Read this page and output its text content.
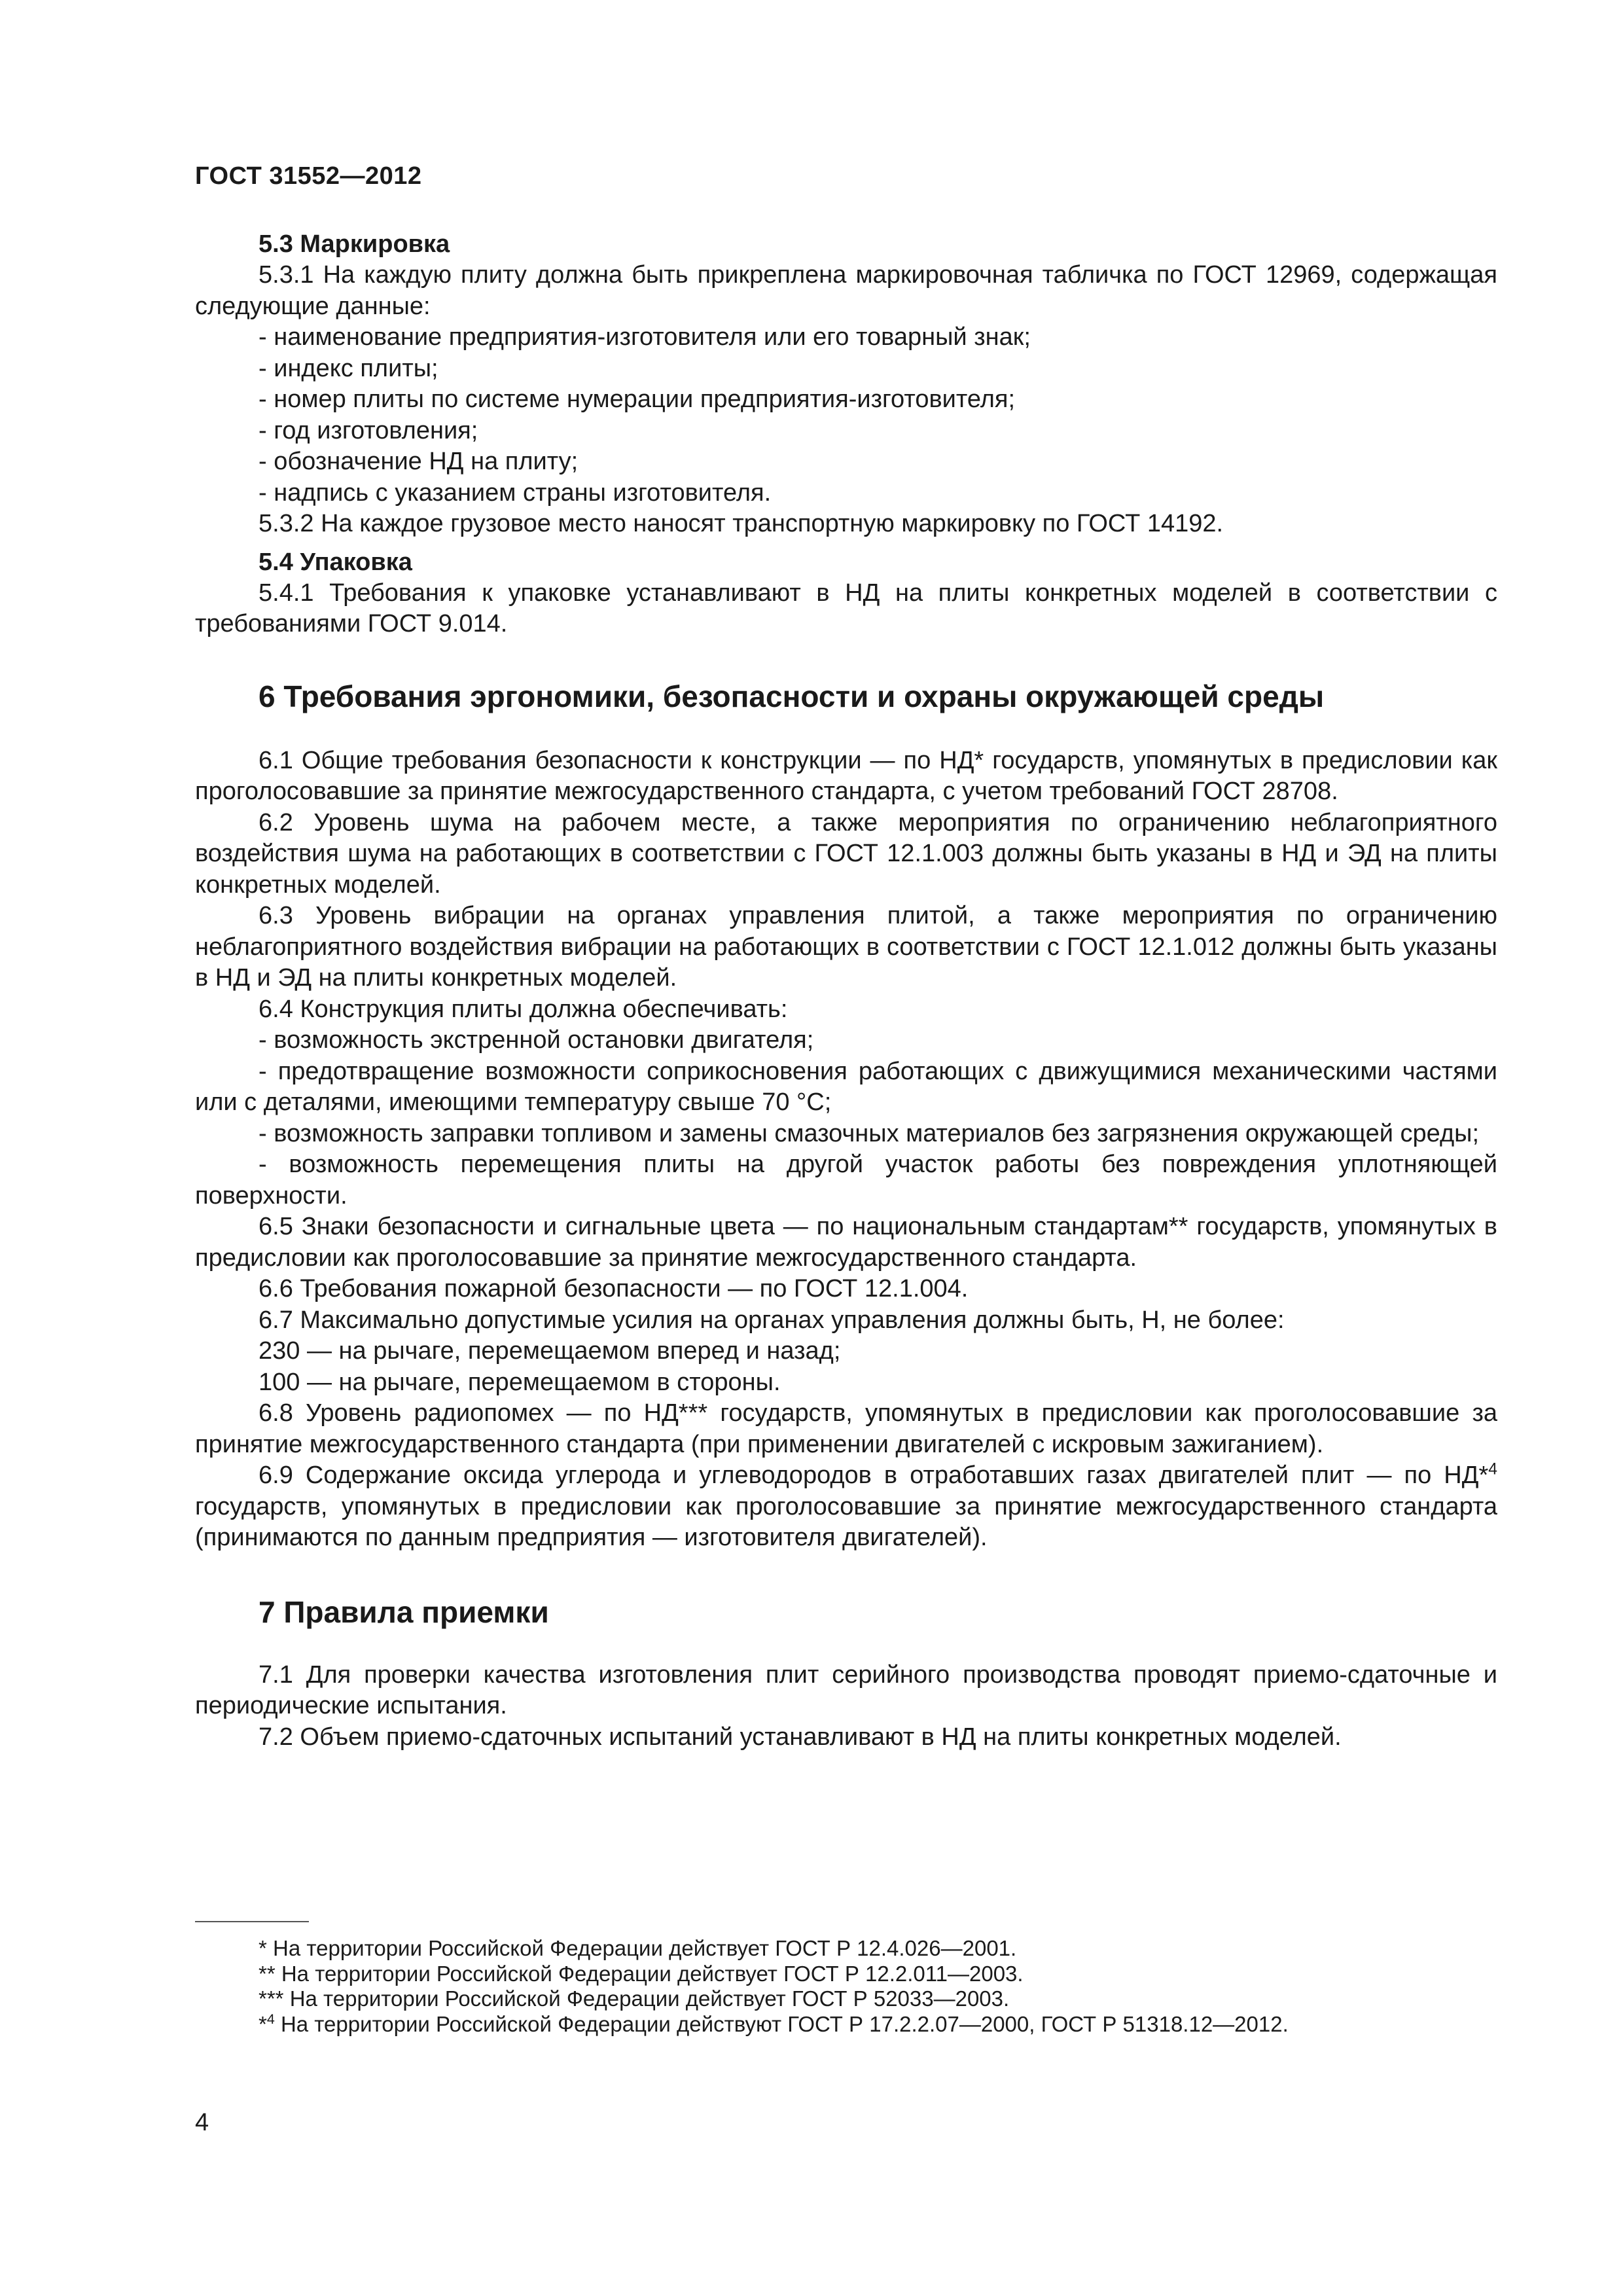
ГОСТ 31552—2012

5.3 Маркировка

5.3.1 На каждую плиту должна быть прикреплена маркировочная табличка по ГОСТ 12969, содержащая следующие данные:

- наименование предприятия-изготовителя или его товарный знак;

- индекс плиты;

- номер плиты по системе нумерации предприятия-изготовителя;

- год изготовления;

- обозначение НД на плиту;

- надпись с указанием страны изготовителя.

5.3.2 На каждое грузовое место наносят транспортную маркировку по ГОСТ 14192.

5.4 Упаковка

5.4.1 Требования к упаковке устанавливают в НД на плиты конкретных моделей в соответствии с требованиями ГОСТ 9.014.

6 Требования эргономики, безопасности и охраны окружающей среды

6.1 Общие требования безопасности к конструкции — по НД* государств, упомянутых в предисловии как проголосовавшие за принятие межгосударственного стандарта, с учетом требований ГОСТ 28708.

6.2 Уровень шума на рабочем месте, а также мероприятия по ограничению неблагоприятного воздействия шума на работающих в соответствии с ГОСТ 12.1.003 должны быть указаны в НД и ЭД на плиты конкретных моделей.

6.3 Уровень вибрации на органах управления плитой, а также мероприятия по ограничению неблагоприятного воздействия вибрации на работающих в соответствии с ГОСТ 12.1.012 должны быть указаны в НД и ЭД на плиты конкретных моделей.

6.4 Конструкция плиты должна обеспечивать:

- возможность экстренной остановки двигателя;

- предотвращение возможности соприкосновения работающих с движущимися механическими частями или с деталями, имеющими температуру свыше 70 °С;

- возможность заправки топливом и замены смазочных материалов без загрязнения окружающей среды;

- возможность перемещения плиты на другой участок работы без повреждения уплотняющей поверхности.

6.5 Знаки безопасности и сигнальные цвета — по национальным стандартам** государств, упомянутых в предисловии как проголосовавшие за принятие межгосударственного стандарта.

6.6 Требования пожарной безопасности — по ГОСТ 12.1.004.

6.7 Максимально допустимые усилия на органах управления должны быть, Н, не более:

230 — на рычаге, перемещаемом вперед и назад;

100 — на рычаге, перемещаемом в стороны.

6.8 Уровень радиопомех — по НД*** государств, упомянутых в предисловии как проголосовавшие за принятие межгосударственного стандарта (при применении двигателей с искровым зажиганием).

6.9 Содержание оксида углерода и углеводородов в отработавших газах двигателей плит — по НД*$^4$ государств, упомянутых в предисловии как проголосовавшие за принятие межгосударственного стандарта (принимаются по данным предприятия — изготовителя двигателей).

7 Правила приемки

7.1 Для проверки качества изготовления плит серийного производства проводят приемо-сдаточные и периодические испытания.

7.2 Объем приемо-сдаточных испытаний устанавливают в НД на плиты конкретных моделей.

* На территории Российской Федерации действует ГОСТ Р 12.4.026—2001.

** На территории Российской Федерации действует ГОСТ Р 12.2.011—2003.

*** На территории Российской Федерации действует ГОСТ Р 52033—2003.

*$^4$ На территории Российской Федерации действуют ГОСТ Р 17.2.2.07—2000, ГОСТ Р 51318.12—2012.

4
